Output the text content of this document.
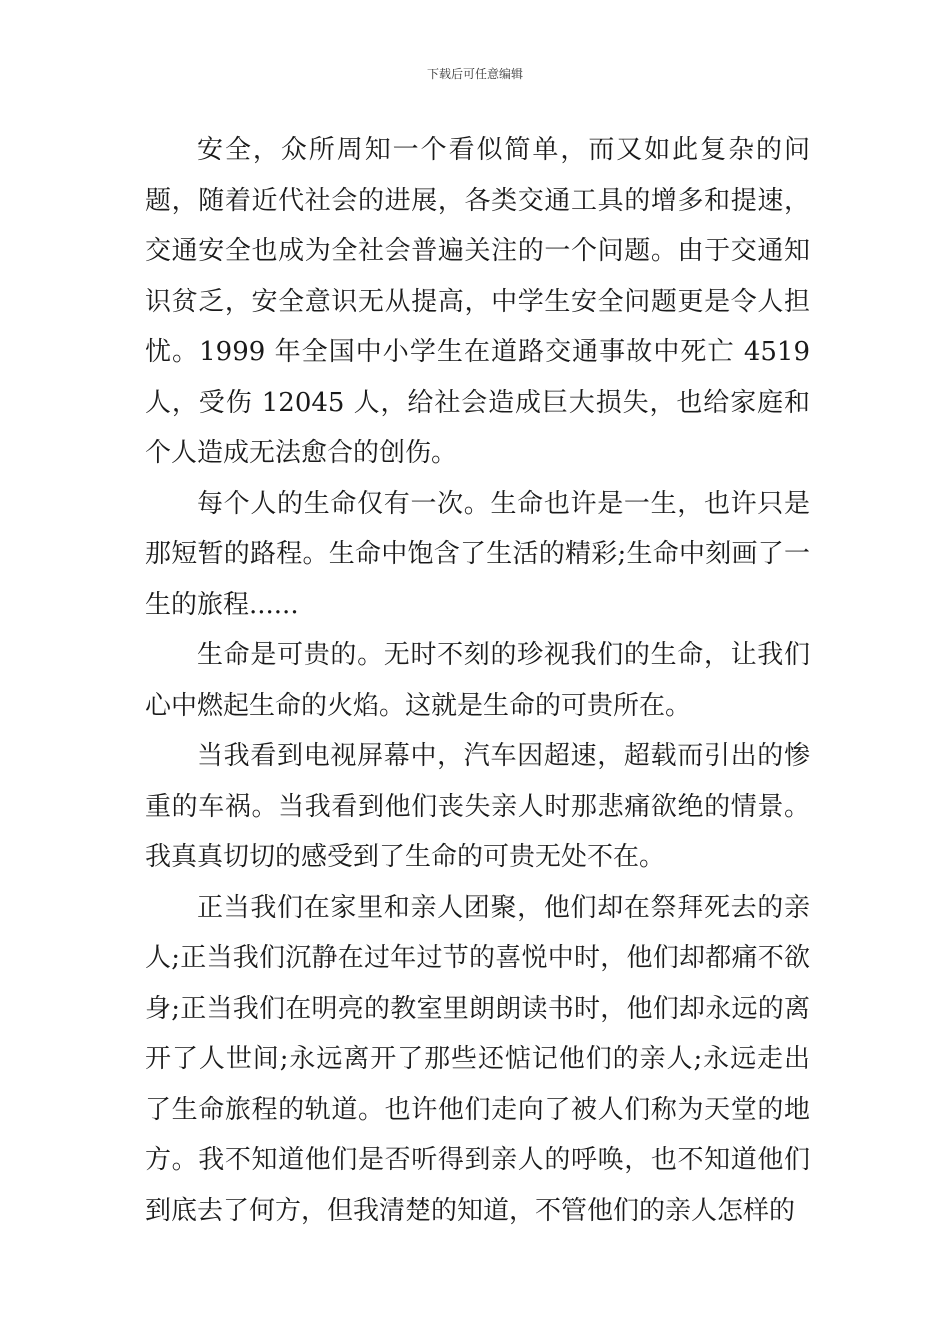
下载后可任意编辑

安全，众所周知一个看似简单，而又如此复杂的问题，随着近代社会的进展，各类交通工具的增多和提速，交通安全也成为全社会普遍关注的一个问题。由于交通知识贫乏，安全意识无从提高，中学生安全问题更是令人担忧。1999 年全国中小学生在道路交通事故中死亡 4519 人，受伤 12045 人，给社会造成巨大损失，也给家庭和个人造成无法愈合的创伤。

每个人的生命仅有一次。生命也许是一生，也许只是那短暂的路程。生命中饱含了生活的精彩;生命中刻画了一生的旅程......

生命是可贵的。无时不刻的珍视我们的生命，让我们心中燃起生命的火焰。这就是生命的可贵所在。

当我看到电视屏幕中，汽车因超速，超载而引出的惨重的车祸。当我看到他们丧失亲人时那悲痛欲绝的情景。我真真切切的感受到了生命的可贵无处不在。

正当我们在家里和亲人团聚，他们却在祭拜死去的亲人;正当我们沉静在过年过节的喜悦中时，他们却都痛不欲身;正当我们在明亮的教室里朗朗读书时，他们却永远的离开了人世间;永远离开了那些还惦记他们的亲人;永远走出了生命旅程的轨道。也许他们走向了被人们称为天堂的地方。我不知道他们是否听得到亲人的呼唤，也不知道他们到底去了何方，但我清楚的知道，不管他们的亲人怎样的
